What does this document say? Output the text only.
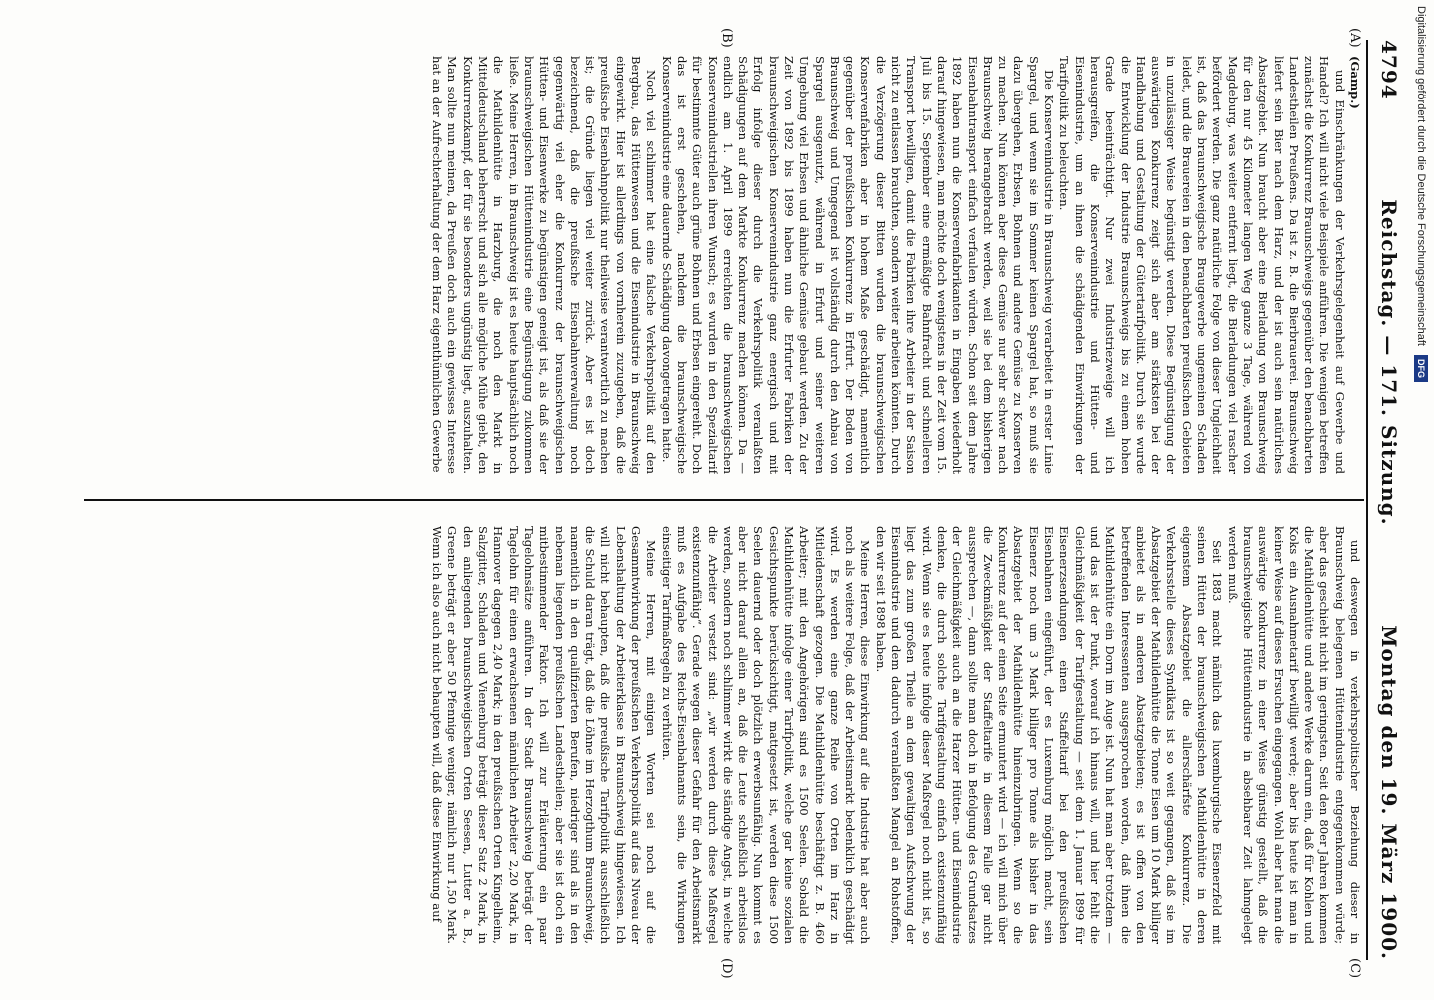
4794
Reichstag. — 171. Sitzung.
Montag den 19. März 1900.
(A)
(B)
(C)
(D)

(Gamp.)

und Einschränkungen der Verkehrsgelegenheit auf Gewerbe und Handel? Ich will nicht viele Beispiele anführen. Die wenigen betreffen zunächst die Konkurrenz Braunschweigs gegenüber den benachbarten Landestheilen Preußens. Da ist z. B. die Bierbrauerei. Braunschweig liefert sein Bier nach dem Harz, und der ist auch sein natürliches Absatzgebiet. Nun braucht aber eine Bierladung von Braunschweig für den nur 45 Kilometer langen Weg ganze 3 Tage, während von Magdeburg, was weiter entfernt liegt, die Bierladungen viel rascher befördert werden. Die ganz natürliche Folge von dieser Ungleichheit ist, daß das braunschweigische Braugewerbe ungemeinen Schaden leidet, und die Brauereien in den benachbarten preußischen Gebieten in unzulässiger Weise begünstigt werden. Diese Begünstigung der auswärtigen Konkurrenz zeigt sich aber am stärksten bei der Handhabung und Gestaltung der Gütertarifpolitik. Durch sie wurde die Entwicklung der Industrie Braunschweigs bis zu einem hohen Grade beeinträchtigt. Nur zwei Industriezweige will ich herausgreifen, die Konservenindustrie und Hütten- und Eisenindustrie, um an ihnen die schädigenden Einwirkungen der Tarifpolitik zu beleuchten.

Die Konservenindustrie in Braunschweig verarbeitet in erster Linie Spargel, und wenn sie im Sommer keinen Spargel hat, so muß sie dazu übergehen, Erbsen, Bohnen und andere Gemüse zu Konserven zu machen. Nun können aber diese Gemüse nur sehr schwer nach Braunschweig herangebracht werden, weil sie bei dem bisherigen Eisenbahntransport einfach verfaulen würden. Schon seit dem Jahre 1892 haben nun die Konservenfabrikanten in Eingaben wiederholt darauf hingewiesen, man möchte doch wenigstens in der Zeit vom 15. Juli bis 15. September eine ermäßigte Bahnfracht und schnelleren Transport bewilligen, damit die Fabriken ihre Arbeiter in der Saison nicht zu entlassen brauchten, sondern weiter arbeiten könnten. Durch die Verzögerung dieser Bitten wurden die braunschweigischen Konservenfabriken aber in hohem Maße geschädigt, namentlich gegenüber der preußischen Konkurrenz in Erfurt. Der Boden von Braunschweig und Umgegend ist vollständig durch den Anbau von Spargel ausgenutzt, während in Erfurt und seiner weiteren Umgebung viel Erbsen und ähnliche Gemüse gebaut werden. Zu der Zeit von 1892 bis 1899 haben nun die Erfurter Fabriken der braunschweigischen Konservenindustrie ganz energisch und mit Erfolg infolge dieser durch die Verkehrspolitik veranlaßten Schädigungen auf dem Markte Konkurrenz machen können. Da — endlich am 1. April 1899 erreichten die braunschweigischen Konservenindustriellen ihren Wunsch; es wurden in den Spezialtarif für bestimmte Güter auch grüne Bohnen und Erbsen eingereiht. Doch das ist erst geschehen, nachdem die braunschweigische Konservenindustrie eine dauernde Schädigung davongetragen hatte.

Noch viel schlimmer hat eine falsche Verkehrspolitik auf den Bergbau, das Hüttenwesen und die Eisenindustrie in Braunschweig eingewirkt. Hier ist allerdings von vornherein zuzugeben, daß die preußische Eisenbahnpolitik nur theilweise verantwortlich zu machen ist; die Gründe liegen viel weiter zurück. Aber es ist doch bezeichnend, daß die preußische Eisenbahnverwaltung noch gegenwärtig viel eher die Konkurrenz der braunschweigischen Hütten- und Eisenwerke zu begünstigen geneigt ist, als daß sie der braunschweigischen Hüttenindustrie eine Begünstigung zukommen ließe. Meine Herren, in Braunschweig ist es heute hauptsächlich noch die Mathildenhütte in Harzburg, die noch den Markt in Mitteldeutschland beherrscht und sich alle mögliche Mühe giebt, den Konkurrenzkampf, der für sie besonders ungünstig liegt, auszuhalten. Man sollte nun meinen, da Preußen doch auch ein gewisses Interesse hat an der Aufrechterhaltung der dem Harz eigenthümlichen Gewerbe

und deswegen in verkehrspolitischer Beziehung dieser in Braunschweig belegenen Hüttenindustrie entgegenkommen würde; aber das geschieht nicht im geringsten. Seit den 80er Jahren kommen die Mathildenhütte und andere Werke darum ein, daß für Kohlen und Koks ein Ausnahmetarif bewilligt werde; aber bis heute ist man in keiner Weise auf dieses Ersuchen eingegangen. Wohl aber hat man die auswärtige Konkurrenz in einer Weise günstig gestellt, daß die braunschweigische Hüttenindustrie in absehbarer Zeit lahmgelegt werden muß.

Seit 1883 macht nämlich das luxemburgische Eisenerzfeld mit seinen Hütten der braunschweigischen Mathildenhütte in deren eigenstem Absatzgebiet die allerschärfste Konkurrenz. Die Verkehrsstelle dieses Syndikats ist so weit gegangen, daß sie im Absatzgebiet der Mathildenhütte die Tonne Eisen um 10 Mark billiger anbietet als in anderen Absatzgebieten; es ist offen von den betreffenden Interessenten ausgesprochen worden, daß ihnen die Mathildenhütte ein Dorn im Auge ist. Nun hat man aber trotzdem — und das ist der Punkt, worauf ich hinaus will, und hier fehlt die Gleichmäßigkeit der Tarifgestaltung — seit dem 1. Januar 1899 für Eisenerzsendungen einen Staffeltarif bei den preußischen Eisenbahnen eingeführt, der es Luxemburg möglich macht, sein Eisenerz noch um 3 Mark billiger pro Tonne als bisher in das Absatzgebiet der Mathildenhütte hineinzubringen. Wenn so die Konkurrenz auf der einen Seite ermuntert wird — ich will mich über die Zweckmäßigkeit der Staffeltarife in diesem Falle gar nicht aussprechen —, dann sollte man doch in Befolgung des Grundsatzes der Gleichmäßigkeit auch an die Harzer Hütten- und Eisenindustrie denken, die durch solche Tarifgestaltung einfach existenzunfähig wird. Wenn sie es heute infolge dieser Maßregel noch nicht ist, so liegt das zum großen Theile an dem gewaltigen Aufschwung der Eisenindustrie und dem dadurch veranlaßten Mangel an Rohstoffen, den wir seit 1898 haben.

Meine Herren, diese Einwirkung auf die Industrie hat aber auch noch als weitere Folge, daß der Arbeitsmarkt bedenklich geschädigt wird. Es werden eine ganze Reihe von Orten im Harz in Mitleidenschaft gezogen. Die Mathildenhütte beschäftigt z. B. 460 Arbeiter; mit den Angehörigen sind es 1500 Seelen. Sobald die Mathildenhütte infolge einer Tarifpolitik, welche gar keine sozialen Gesichtspunkte berücksichtigt, mattgesetzt ist, werden diese 1500 Seelen dauernd oder doch plötzlich erwerbsunfähig. Nun kommt es aber nicht darauf allein an, daß die Leute schließlich arbeitslos werden, sondern noch schlimmer wirkt die ständige Angst, in welche die Arbeiter versetzt sind: „wir werden durch diese Maßregel existenzunfähig“. Gerade wegen dieser Gefahr für den Arbeitsmarkt muß es Aufgabe des Reichs-Eisenbahnamts sein, die Wirkungen einseitiger Tarifmaßregeln zu verhüten.

Meine Herren, mit einigen Worten sei noch auf die Gesammtwirkung der preußischen Verkehrspolitik auf das Niveau der Lebenshaltung der Arbeiterklasse in Braunschweig hingewiesen. Ich will nicht behaupten, daß die preußische Tarifpolitik ausschließlich die Schuld daran trägt, daß die Löhne im Herzogthum Braunschweig, namentlich in den qualifizierten Berufen, niedriger sind als in den nebenan liegenden preußischen Landestheilen; aber sie ist doch ein mitbestimmender Faktor. Ich will zur Erläuterung ein paar Tagelohnsätze anführen. In der Stadt Braunschweig beträgt der Tagelohn für einen erwachsenen männlichen Arbeiter 2,20 Mark, in Hannover dagegen 2,40 Mark; in den preußischen Orten Kingelheim, Salzgitter, Schladen und Vienenburg beträgt dieser Satz 2 Mark, in den anliegenden braunschweigischen Orten Seesen, Lutter a. B., Greene beträgt er aber 50 Pfennige weniger, nämlich nur 1,50 Mark. Wenn ich also auch nicht behaupten will, daß diese Einwirkung auf

Digitalisierung gefördert durch die Deutsche Forschungsgemeinschaft DFG
